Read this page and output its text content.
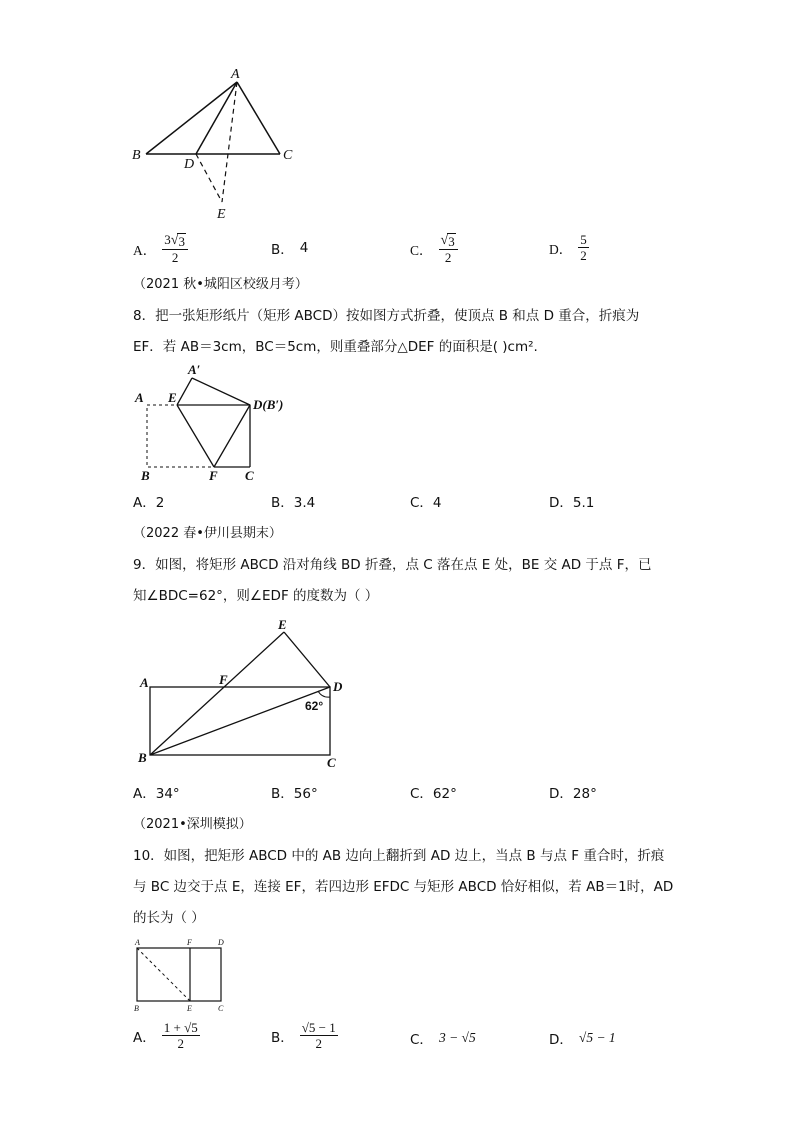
A
B	C
D
E
A． $\frac{3 √ 3}{2}$	B． 4	C． $\frac{√ 3}{2}$	D． $\frac{5}{2}$
（2021 秋•城阳区校级月考）
8．把一张矩形纸片（矩形 ABCD）按如图方式折叠，使顶点 B 和点 D 重合，折痕为
EF．若 AB＝3cm，BC＝5cm，则重叠部分△DEF 的面积是( )cm².
A
A′
E	D(B′)
B	F C
A．2	B．3.4	C．4	D．5.1
（2022 春•伊川县期末）
9．如图，将矩形 ABCD 沿对角线 BD 折叠，点 C 落在点 E 处，BE 交 AD 于点 F，已
知∠BDC=62°，则∠EDF 的度数为（ ）
A	F
E
D
B	C
62°
A．34°	B．56°	C．62°	D．28°
（2021•深圳模拟）
10．如图，把矩形 ABCD 中的 AB 边向上翻折到 AD 边上，当点 B 与点 F 重合时，折痕
与 BC 边交于点 E，连接 EF，若四边形 EFDC 与矩形 ABCD 恰好相似，若 AB＝1时，AD
的长为（ ）
A	F	D
B	E	C
A． $\frac{1 + √5}{2}$	B． $\frac{√5 - 1}{2}$	C． 3 − √5	D． √5 − 1
